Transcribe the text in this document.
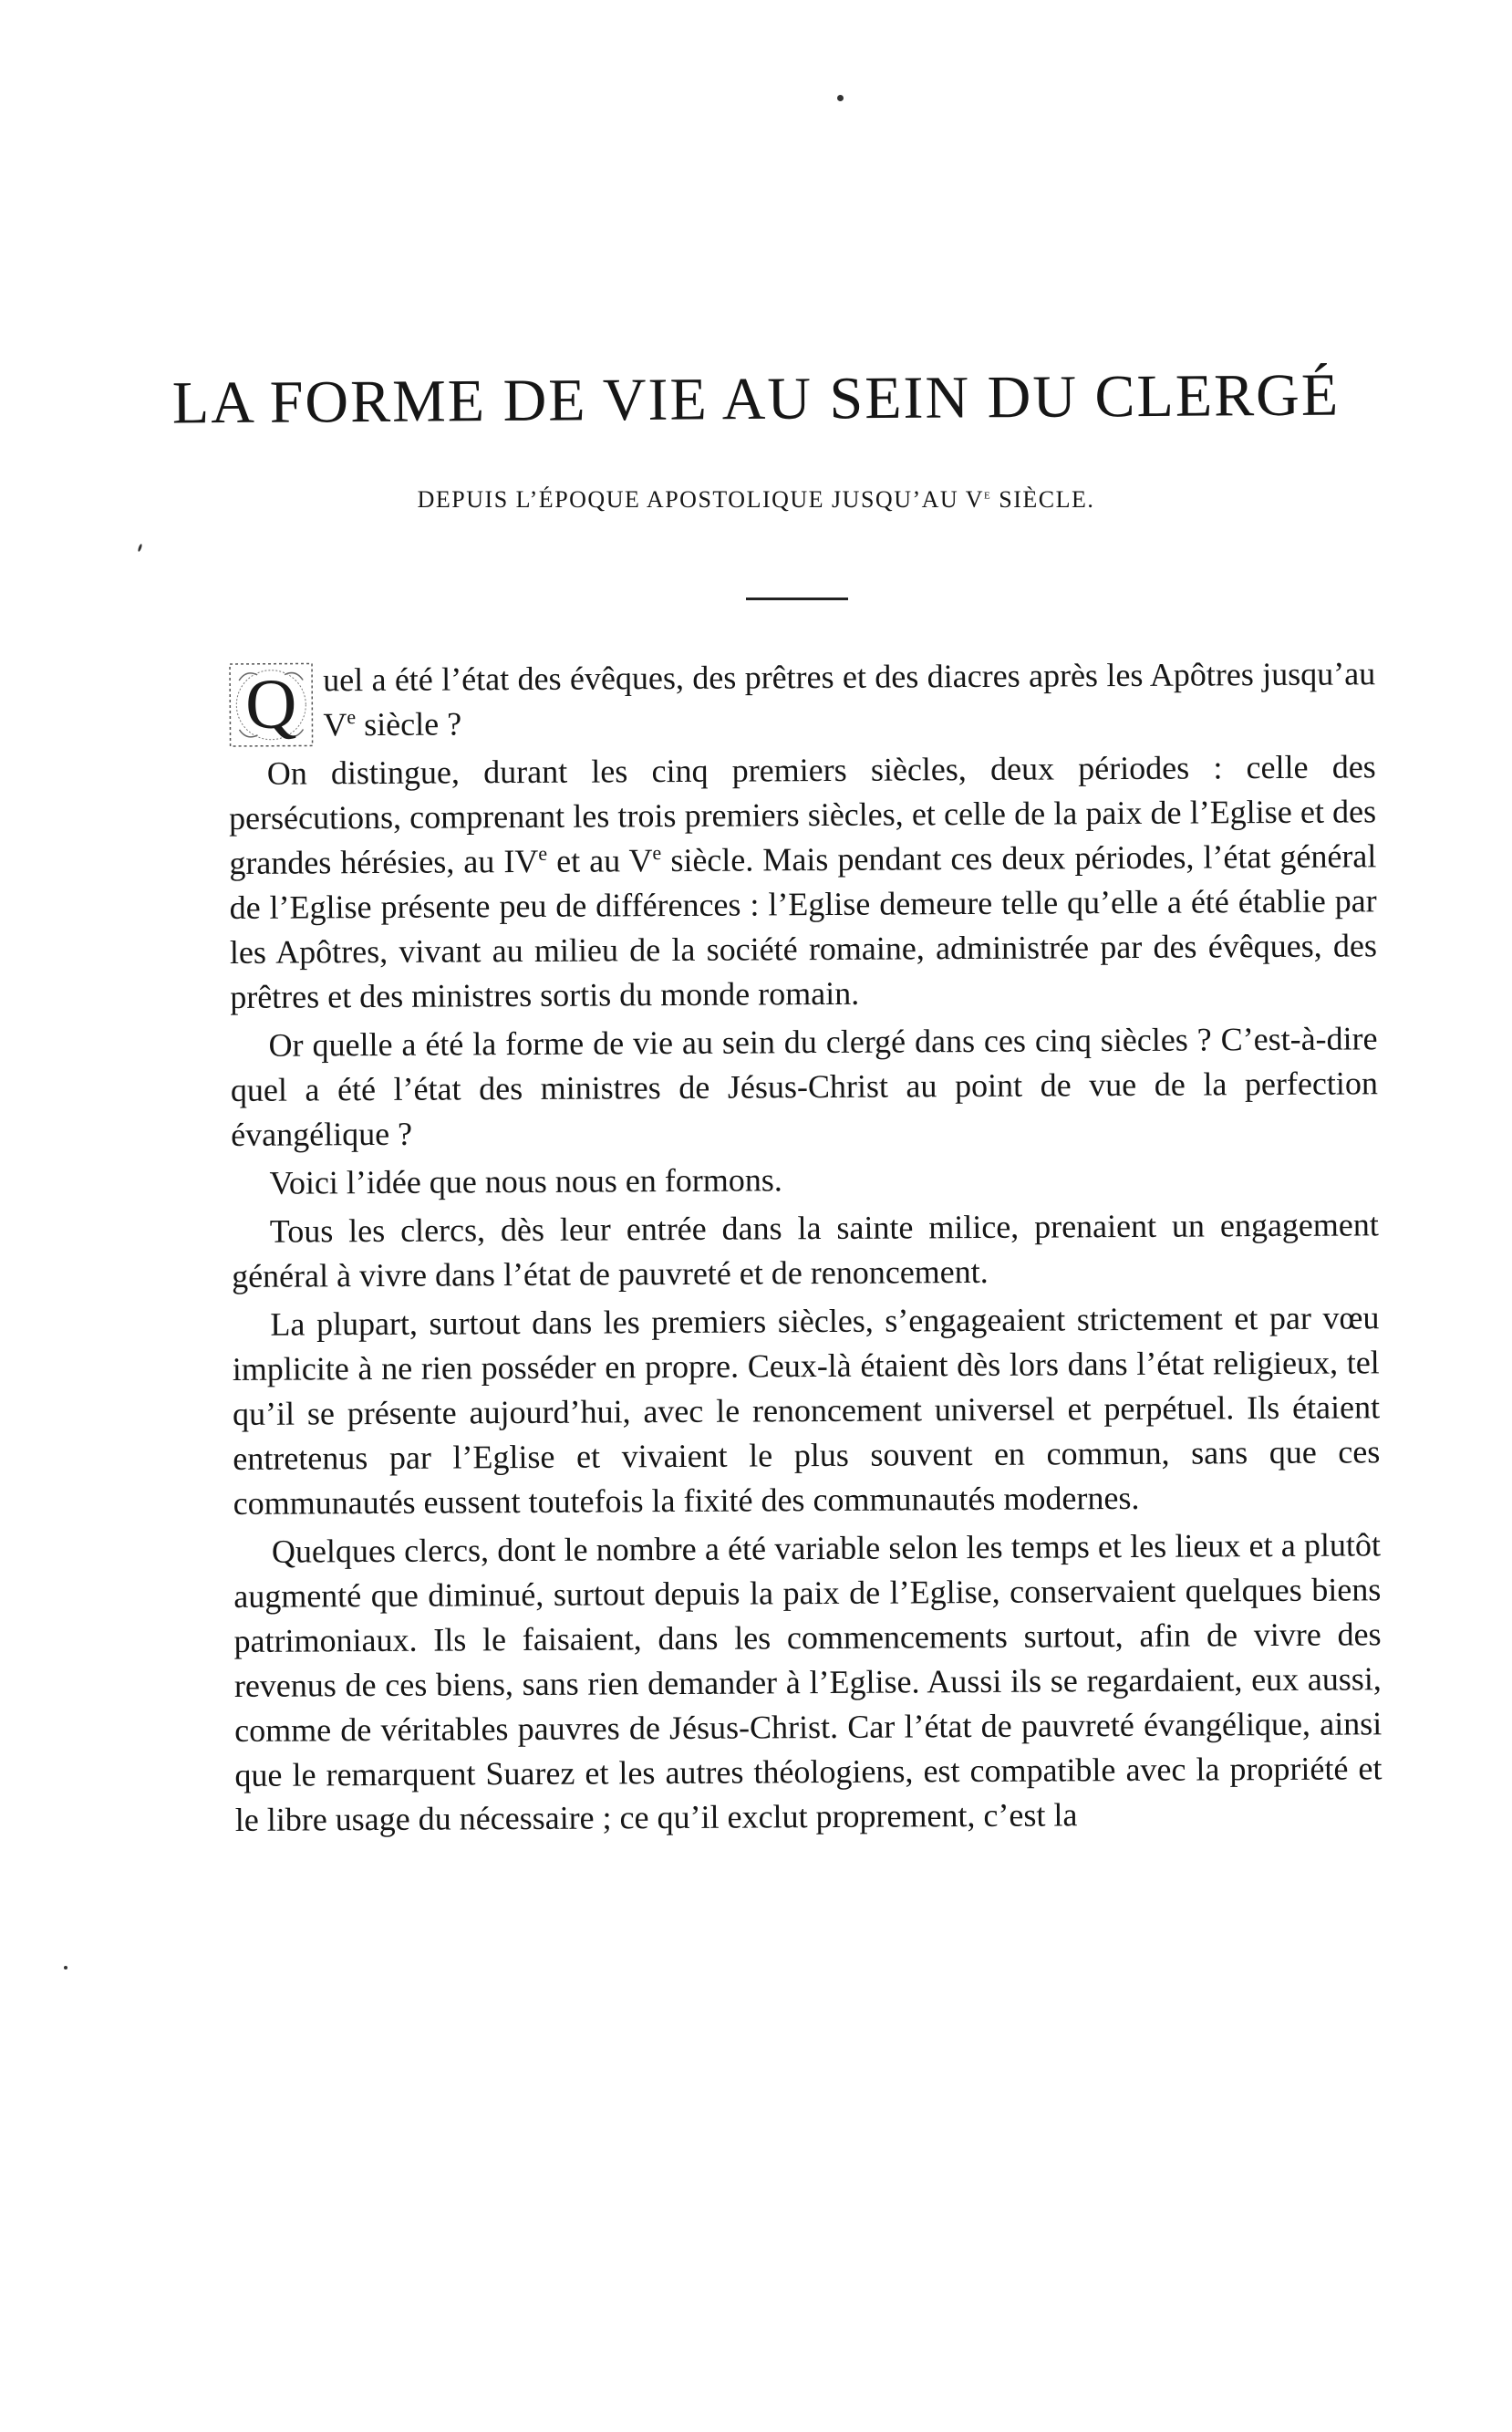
LA FORME DE VIE AU SEIN DU CLERGÉ
DEPUIS L’ÉPOQUE APOSTOLIQUE JUSQU’AU Ve SIÈCLE.

Q uel a été l’état des évêques, des prêtres et des diacres après les Apôtres jusqu’au Ve siècle ?

On distingue, durant les cinq premiers siècles, deux périodes : celle des persécutions, comprenant les trois premiers siècles, et celle de la paix de l’Eglise et des grandes hérésies, au IVe et au Ve siècle. Mais pendant ces deux périodes, l’état général de l’Eglise présente peu de différences : l’Eglise demeure telle qu’elle a été établie par les Apôtres, vivant au milieu de la société romaine, administrée par des évêques, des prêtres et des ministres sortis du monde romain.

Or quelle a été la forme de vie au sein du clergé dans ces cinq siècles ? C’est-à-dire quel a été l’état des ministres de Jésus-Christ au point de vue de la perfection évangélique ?

Voici l’idée que nous nous en formons.

Tous les clercs, dès leur entrée dans la sainte milice, prenaient un engagement général à vivre dans l’état de pauvreté et de renoncement.

La plupart, surtout dans les premiers siècles, s’engageaient strictement et par vœu implicite à ne rien posséder en propre. Ceux-là étaient dès lors dans l’état religieux, tel qu’il se présente aujourd’hui, avec le renoncement universel et perpétuel. Ils étaient entretenus par l’Eglise et vivaient le plus souvent en commun, sans que ces communautés eussent toutefois la fixité des communautés modernes.

Quelques clercs, dont le nombre a été variable selon les temps et les lieux et a plutôt augmenté que diminué, surtout depuis la paix de l’Eglise, conservaient quelques biens patrimoniaux. Ils le faisaient, dans les commencements surtout, afin de vivre des revenus de ces biens, sans rien demander à l’Eglise. Aussi ils se regardaient, eux aussi, comme de véritables pauvres de Jésus-Christ. Car l’état de pauvreté évangélique, ainsi que le remarquent Suarez et les autres théologiens, est compatible avec la propriété et le libre usage du nécessaire ; ce qu’il exclut proprement, c’est la
